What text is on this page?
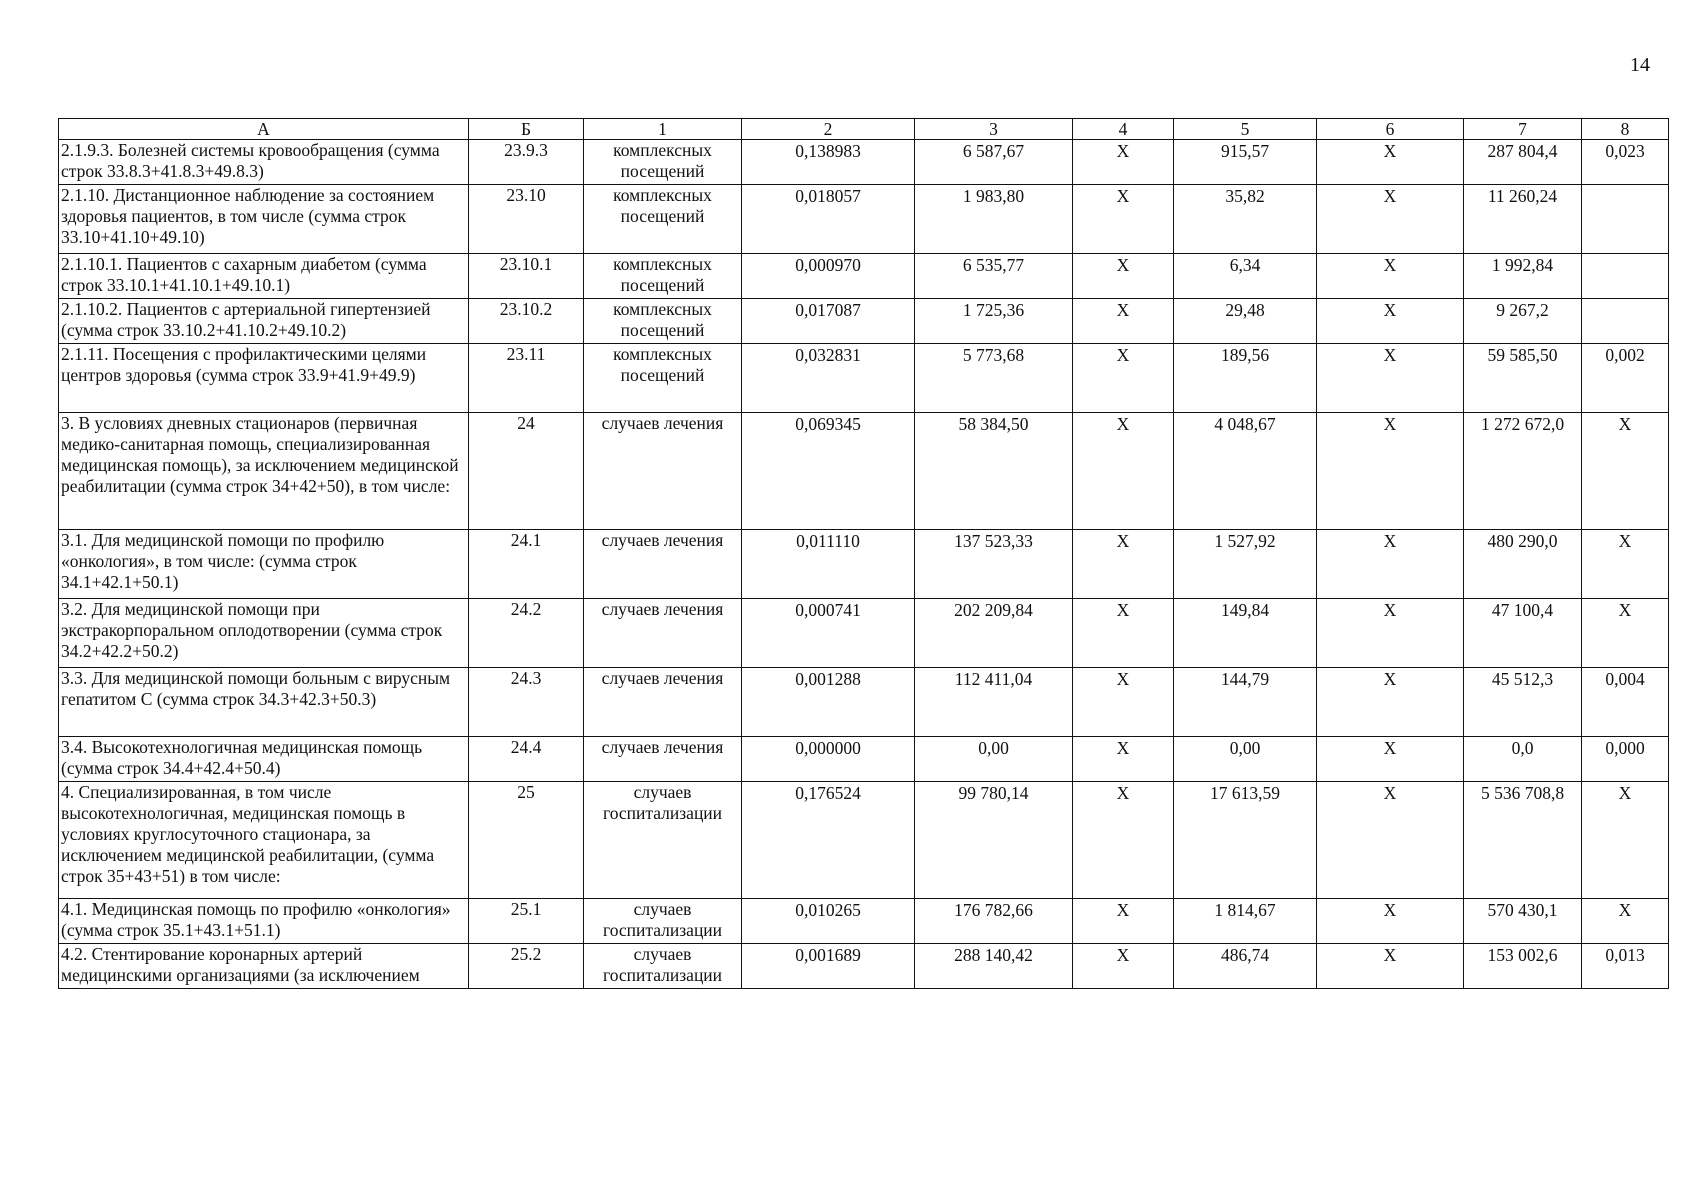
14
А	Б	1	2	3	4	5	6	7	8
2.1.9.3. Болезней системы кровообращения (сумма строк 33.8.3+41.8.3+49.8.3)	23.9.3	комплексных посещений	0,138983	6 587,67	Х	915,57	Х	287 804,4	0,023
2.1.10. Дистанционное наблюдение за состоянием здоровья пациентов, в том числе (сумма строк 33.10+41.10+49.10)	23.10	комплексных посещений	0,018057	1 983,80	Х	35,82	Х	11 260,24	
2.1.10.1. Пациентов с сахарным диабетом (сумма строк 33.10.1+41.10.1+49.10.1)	23.10.1	комплексных посещений	0,000970	6 535,77	Х	6,34	Х	1 992,84	
2.1.10.2. Пациентов с артериальной гипертензией (сумма строк 33.10.2+41.10.2+49.10.2)	23.10.2	комплексных посещений	0,017087	1 725,36	Х	29,48	Х	9 267,2	
2.1.11. Посещения с профилактическими целями центров здоровья (сумма строк 33.9+41.9+49.9)	23.11	комплексных посещений	0,032831	5 773,68	Х	189,56	Х	59 585,50	0,002
3. В условиях дневных стационаров (первичная медико-санитарная помощь, специализированная медицинская помощь), за исключением медицинской реабилитации (сумма строк 34+42+50), в том числе:	24	случаев лечения	0,069345	58 384,50	Х	4 048,67	Х	1 272 672,0	Х
3.1. Для медицинской помощи по профилю «онкология», в том числе: (сумма строк 34.1+42.1+50.1)	24.1	случаев лечения	0,011110	137 523,33	Х	1 527,92	Х	480 290,0	Х
3.2. Для медицинской помощи при экстракорпоральном оплодотворении (сумма строк 34.2+42.2+50.2)	24.2	случаев лечения	0,000741	202 209,84	Х	149,84	Х	47 100,4	Х
3.3. Для медицинской помощи больным с вирусным гепатитом С (сумма строк 34.3+42.3+50.3)	24.3	случаев лечения	0,001288	112 411,04	Х	144,79	Х	45 512,3	0,004
3.4. Высокотехнологичная медицинская помощь (сумма строк 34.4+42.4+50.4)	24.4	случаев лечения	0,000000	0,00	Х	0,00	Х	0,0	0,000
4. Специализированная, в том числе высокотехнологичная, медицинская помощь в условиях круглосуточного стационара, за исключением медицинской реабилитации, (сумма строк 35+43+51) в том числе:	25	случаев госпитализации	0,176524	99 780,14	Х	17 613,59	Х	5 536 708,8	Х
4.1. Медицинская помощь по профилю «онкология» (сумма строк 35.1+43.1+51.1)	25.1	случаев госпитализации	0,010265	176 782,66	Х	1 814,67	Х	570 430,1	Х
4.2. Стентирование коронарных артерий медицинскими организациями (за исключением	25.2	случаев госпитализации	0,001689	288 140,42	Х	486,74	Х	153 002,6	0,013
